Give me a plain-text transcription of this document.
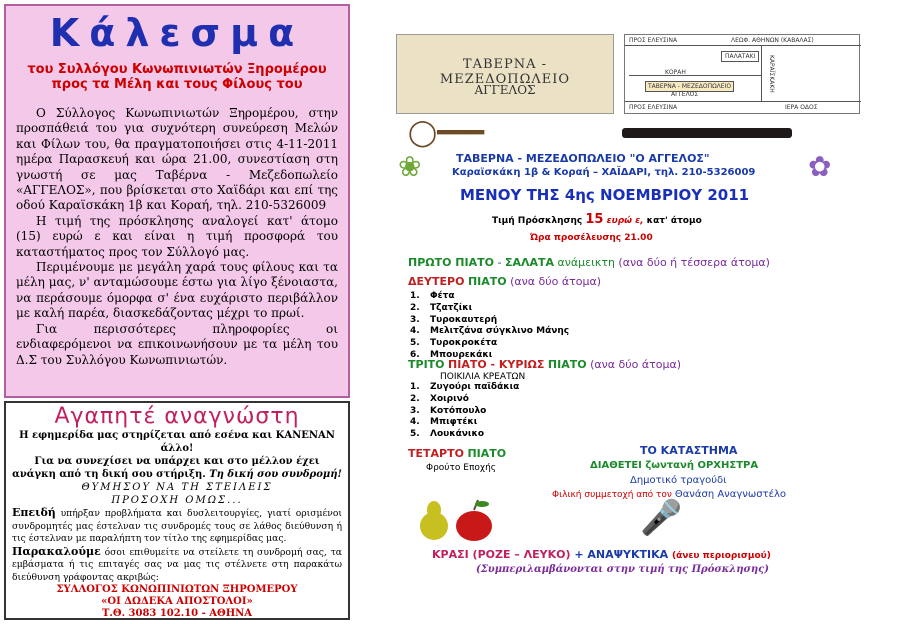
Κάλεσμα
του Συλλόγου Κωνωπινιωτών Ξηρομέρου
προς τα Μέλη και τους Φίλους του

Ο Σύλλογος Κωνωπινιωτών Ξηρομέρου, στην προσπάθειά του για συχνότερη συνεύρεση Μελών και Φίλων του, θα πραγματοποιήσει στις 4-11-2011 ημέρα Παρασκευή και ώρα 21.00, συνεστίαση στη γνωστή σε μας Ταβέρνα - Μεζεδοπωλείο «ΑΓΓΕΛΟΣ», που βρίσκεται στο Χαϊδάρι και επί της οδού Καραϊσκάκη 1β και Κοραή, τηλ. 210-5326009

Η τιμή της πρόσκλησης αναλογεί κατ' άτομο (15) ευρώ ε και είναι η τιμή προσφορά του καταστήματος προς τον Σύλλογό μας.

Περιμένουμε με μεγάλη χαρά τους φίλους και τα μέλη μας, ν' ανταμώσουμε έστω για λίγο ξένοιαστα, να περάσουμε όμορφα σ' ένα ευχάριστο περιβάλλον με καλή παρέα, διασκεδάζοντας μέχρι το πρωί.

Για περισσότερες πληροφορίες οι ενδιαφερόμενοι να επικοινωνήσουν με τα μέλη του Δ.Σ του Συλλόγου Κωνωπινιωτών.

Αγαπητέ αναγνώστη
Η εφημερίδα μας στηρίζεται από εσένα και ΚΑΝΕΝΑΝ άλλο!
Για να συνεχίσει να υπάρχει και στο μέλλον έχει ανάγκη από τη δική σου στήριξη. Τη δική σου συνδρομή!
ΘΥΜΗΣΟΥ ΝΑ ΤΗ ΣΤΕΙΛΕΙΣ
ΠΡΟΣΟΧΗ ΟΜΩΣ...
Επειδή υπήρξαν προβλήματα και δυσλειτουργίες, γιατί ορισμένοι συνδρομητές μας έστελναν τις συνδρομές τους σε λάθος διεύθυνση ή τις έστελναν με παραλήπτη τον τίτλο της εφημερίδας μας.
Παρακαλούμε όσοι επιθυμείτε να στείλετε τη συνδρομή σας, τα εμβάσματα ή τις επιταγές σας να μας τις στέλνετε στη παρακάτω διεύθυνση γράφοντας ακριβώς:
ΣΥΛΛΟΓΟΣ ΚΩΝΩΠΙΝΙΩΤΩΝ ΞΗΡΟΜΕΡΟΥ
«ΟΙ ΔΩΔΕΚΑ ΑΠΟΣΤΟΛΟΙ»
Τ.Θ. 3083 102.10 - ΑΘΗΝΑ
ΤΑΒΕΡΝΑ - ΜΕΖΕΔΟΠΩΛΕΙΟ
ΑΓΓΕΛΟΣ
ΠΡΟΣ ΕΛΕΥΣΙΝΑ	ΛΕΩΦ. ΑΘΗΝΩΝ (ΚΑΒΑΛΑΣ)
ΠΑΛΑΤΑΚΙ
ΚΟΡΑΗ
ΤΑΒΕΡΝΑ - ΜΕΖΕΔΟΠΩΛΕΙΟ
ΑΓΓΕΛΟΣ
ΚΑΡΑΪΣΚΑΚΗ
ΠΡΟΣ ΕΛΕΥΣΙΝΑ	ΙΕΡΑ ΟΔΟΣ
◯━━━
❀	✿
ΤΑΒΕΡΝΑ - ΜΕΖΕΔΟΠΩΛΕΙΟ "Ο ΑΓΓΕΛΟΣ"
Καραϊσκάκη 1β & Κοραή – ΧΑΪΔΑΡΙ, τηλ. 210-5326009
ΜΕΝΟΥ ΤΗΣ 4ης ΝΟΕΜΒΡΙΟΥ 2011
Τιμή Πρόσκλησης 15 ευρώ ε, κατ' άτομο
Ώρα προσέλευσης 21.00
ΠΡΩΤΟ ΠΙΑΤΟ - ΣΑΛΑΤΑ ανάμεικτη (ανα δύο ή τέσσερα άτομα)
ΔΕΥΤΕΡΟ ΠΙΑΤΟ (ανα δύο άτομα)
1. Φέτα
2. Τζατζίκι
3. Τυροκαυτερή
4. Μελιτζάνα σύγκλινο Μάνης
5. Τυροκροκέτα
6. Μπουρεκάκι
ΤΡΙΤΟ ΠΙΑΤΟ - ΚΥΡΙΩΣ ΠΙΑΤΟ (ανα δύο άτομα)
ΠΟΙΚΙΛΙΑ ΚΡΕΑΤΩΝ
1. Ζυγούρι παϊδάκια
2. Χοιρινό
3. Κοτόπουλο
4. Μπιφτέκι
5. Λουκάνικο
ΤΕΤΑΡΤΟ ΠΙΑΤΟ
Φρούτο Εποχής
ΤΟ ΚΑΤΑΣΤΗΜΑ
ΔΙΑΘΕΤΕΙ ζωντανή ΟΡΧΗΣΤΡΑ
Δημοτικό τραγούδι
Φιλική συμμετοχή από τον Θανάση Αναγνωστέλο
🎤
ΚΡΑΣΙ (ΡΟΖΕ – ΛΕΥΚΟ) + ΑΝΑΨΥΚΤΙΚΑ (άνευ περιορισμού)
(Συμπεριλαμβάνονται στην τιμή της Πρόσκλησης)
